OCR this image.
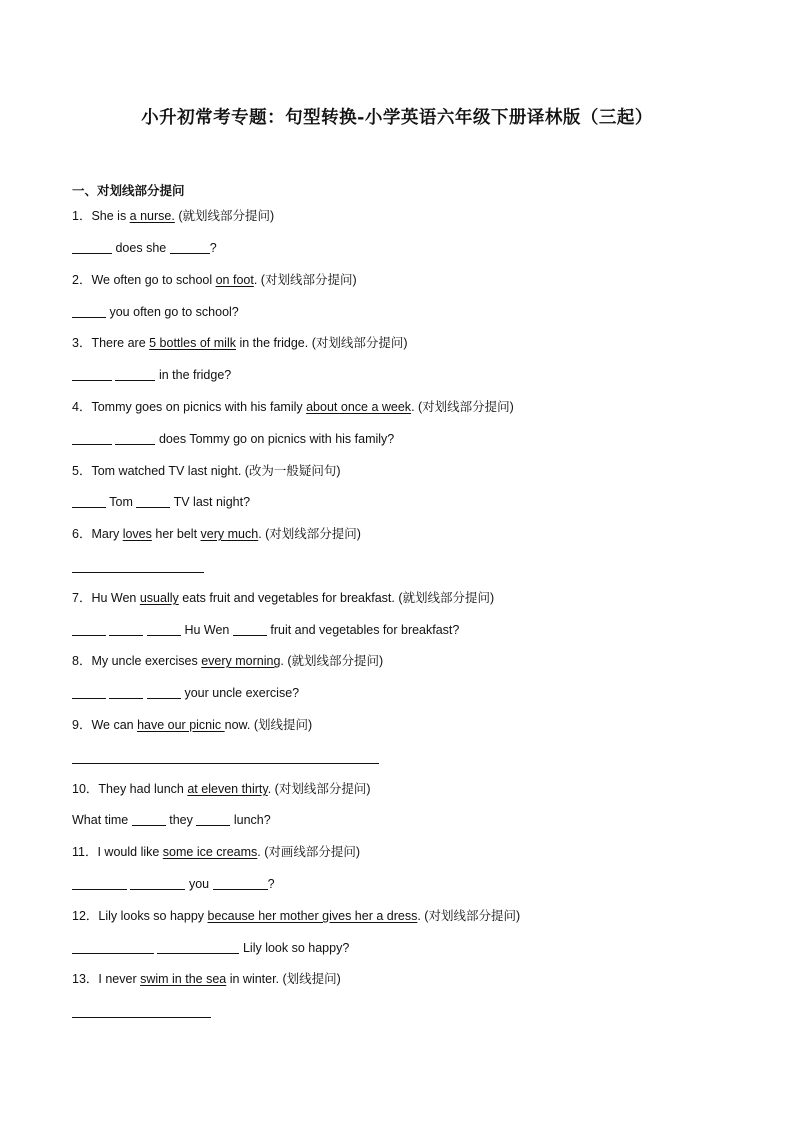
小升初常考专题：句型转换-小学英语六年级下册译林版（三起）
一、对划线部分提问
1．She is a nurse. (就划线部分提问)
does she	?
2．We often go to school on foot. (对划线部分提问)
you often go to school?
3．There are 5 bottles of milk in the fridge. (对划线部分提问)
in the fridge?
4．Tommy goes on picnics with his family about once a week. (对划线部分提问)
does Tommy go on picnics with his family?
5．Tom watched TV last night. (改为一般疑问句)
Tom	TV last night?
6．Mary loves her belt very much. (对划线部分提问)
7．Hu Wen usually eats fruit and vegetables for breakfast. (就划线部分提问)
Hu Wen	fruit and vegetables for breakfast?
8．My uncle exercises every morning. (就划线部分提问)
your uncle exercise?
9．We can have our picnic now. (划线提问)
10．They had lunch at eleven thirty. (对划线部分提问)
What time	they	lunch?
11．I would like some ice creams. (对画线部分提问)
you	?
12．Lily looks so happy because her mother gives her a dress. (对划线部分提问)
Lily look so happy?
13．I never swim in the sea in winter. (划线提问)
